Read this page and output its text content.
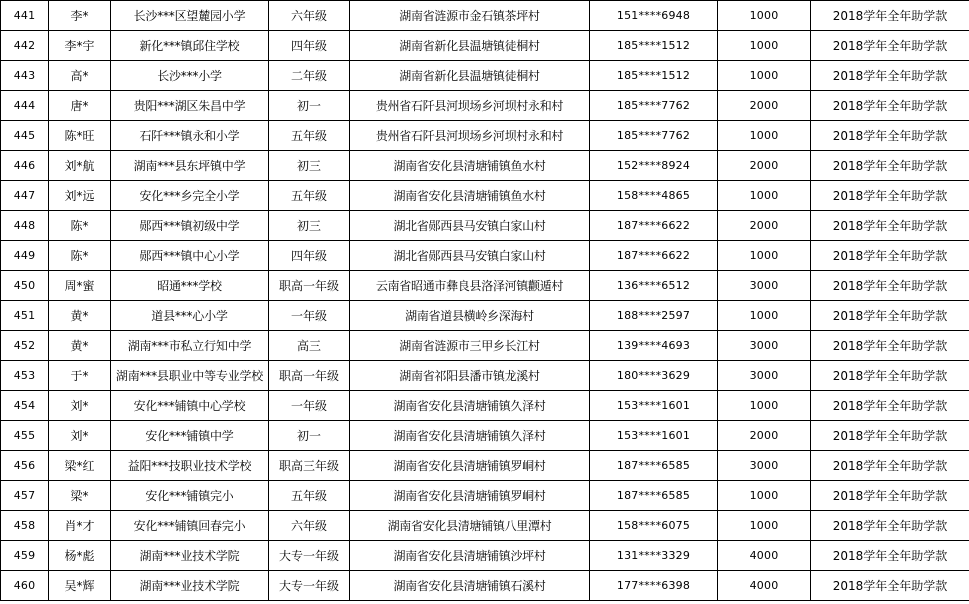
441	李*	长沙***区望麓园小学	六年级	湖南省涟源市金石镇茶坪村	151****6948	1000	2018学年全年助学款
442	李*宇	新化***镇邱住学校	四年级	湖南省新化县温塘镇徒桐村	185****1512	1000	2018学年全年助学款
443	高*	长沙***小学	二年级	湖南省新化县温塘镇徒桐村	185****1512	1000	2018学年全年助学款
444	唐*	贵阳***湖区朱昌中学	初一	贵州省石阡县河坝场乡河坝村永和村	185****7762	2000	2018学年全年助学款
445	陈*旺	石阡***镇永和小学	五年级	贵州省石阡县河坝场乡河坝村永和村	185****7762	1000	2018学年全年助学款
446	刘*航	湖南***县东坪镇中学	初三	湖南省安化县清塘铺镇鱼水村	152****8924	2000	2018学年全年助学款
447	刘*远	安化***乡完全小学	五年级	湖南省安化县清塘铺镇鱼水村	158****4865	1000	2018学年全年助学款
448	陈*	郧西***镇初级中学	初三	湖北省郧西县马安镇白家山村	187****6622	2000	2018学年全年助学款
449	陈*	郧西***镇中心小学	四年级	湖北省郧西县马安镇白家山村	187****6622	1000	2018学年全年助学款
450	周*蜜	昭通***学校	职高一年级	云南省昭通市彝良县洛泽河镇颧遁村	136****6512	3000	2018学年全年助学款
451	黄*	道县***心小学	一年级	湖南省道县横岭乡深海村	188****2597	1000	2018学年全年助学款
452	黄*	湖南***市私立行知中学	高三	湖南省涟源市三甲乡长江村	139****4693	3000	2018学年全年助学款
453	于*	湖南***县职业中等专业学校	职高一年级	湖南省祁阳县潘市镇龙溪村	180****3629	3000	2018学年全年助学款
454	刘*	安化***铺镇中心学校	一年级	湖南省安化县清塘铺镇久泽村	153****1601	1000	2018学年全年助学款
455	刘*	安化***铺镇中学	初一	湖南省安化县清塘铺镇久泽村	153****1601	2000	2018学年全年助学款
456	梁*红	益阳***技职业技术学校	职高三年级	湖南省安化县清塘铺镇罗峒村	187****6585	3000	2018学年全年助学款
457	梁*	安化***铺镇完小	五年级	湖南省安化县清塘铺镇罗峒村	187****6585	1000	2018学年全年助学款
458	肖*才	安化***铺镇回春完小	六年级	湖南省安化县清塘铺镇八里潭村	158****6075	1000	2018学年全年助学款
459	杨*彪	湖南***业技术学院	大专一年级	湖南省安化县清塘铺镇沙坪村	131****3329	4000	2018学年全年助学款
460	吴*辉	湖南***业技术学院	大专一年级	湖南省安化县清塘铺镇石溪村	177****6398	4000	2018学年全年助学款
